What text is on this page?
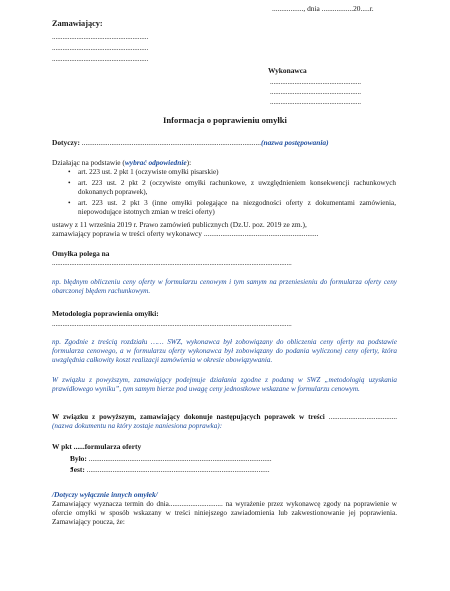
................., dnia .................20.....r.
Zamawiający:
.......................................................
.......................................................
.......................................................
Wykonawca
....................................................
....................................................
....................................................
Informacja o poprawieniu omyłki
Dotyczy: .................................................................................................(nazwa postępowania)
Działając na podstawie (wybrać odpowiednie):
• art. 223 ust. 2 pkt 1 (oczywiste omyłki pisarskie)
• art. 223 ust. 2 pkt 2 (oczywiste omyłki rachunkowe, z uwzględnieniem konsekwencji rachunkowych dokonanych poprawek),
• art. 223 ust. 2 pkt 3 (inne omyłki polegające na niezgodności oferty z dokumentami zamówienia, niepowodujące istotnych zmian w treści oferty)
ustawy z 11 września 2019 r. Prawo zamówień publicznych (Dz.U. poz. 2019 ze zm.),
zamawiający poprawia w treści oferty wykonawcy ..............................................................
Omyłka polega na
.........................................................................................................................................
np. błędnym obliczeniu ceny oferty w formularzu cenowym i tym samym na przeniesieniu do formularza oferty ceny obarczonej błędem rachunkowym.
Metodologia poprawienia omyłki:
.........................................................................................................................................
np. Zgodnie z treścią rozdziału …… SWZ, wykonawca był zobowiązany do obliczenia ceny oferty na podstawie formularza cenowego, a w formularzu oferty wykonawca był zobowiązany do podania wyliczonej ceny oferty, która uwzględnia całkowity koszt realizacji zamówienia w okresie obowiązywania.
W związku z powyższym, zamawiający podejmuje działania zgodne z podaną w SWZ „metodologią uzyskania prawidłowego wyniku”, tym samym bierze pod uwagę ceny jednostkowe wskazane w formularzu cenowym.
W związku z powyższym, zamawiający dokonuje następujących poprawek w treści ...................................... (nazwa dokumentu na który zostaje naniesiona poprawka):
W pkt ......formularza oferty
Było: ...................................................................................................
•
Jest: ...................................................................................................
•
/Dotyczy wyłącznie innych omyłek/
Zamawiający wyznacza termin do dnia.............................. na wyrażenie przez wykonawcę zgody na poprawienie w ofercie omyłki w sposób wskazany w treści niniejszego zawiadomienia lub zakwestionowanie jej poprawienia. Zamawiający poucza, że:
